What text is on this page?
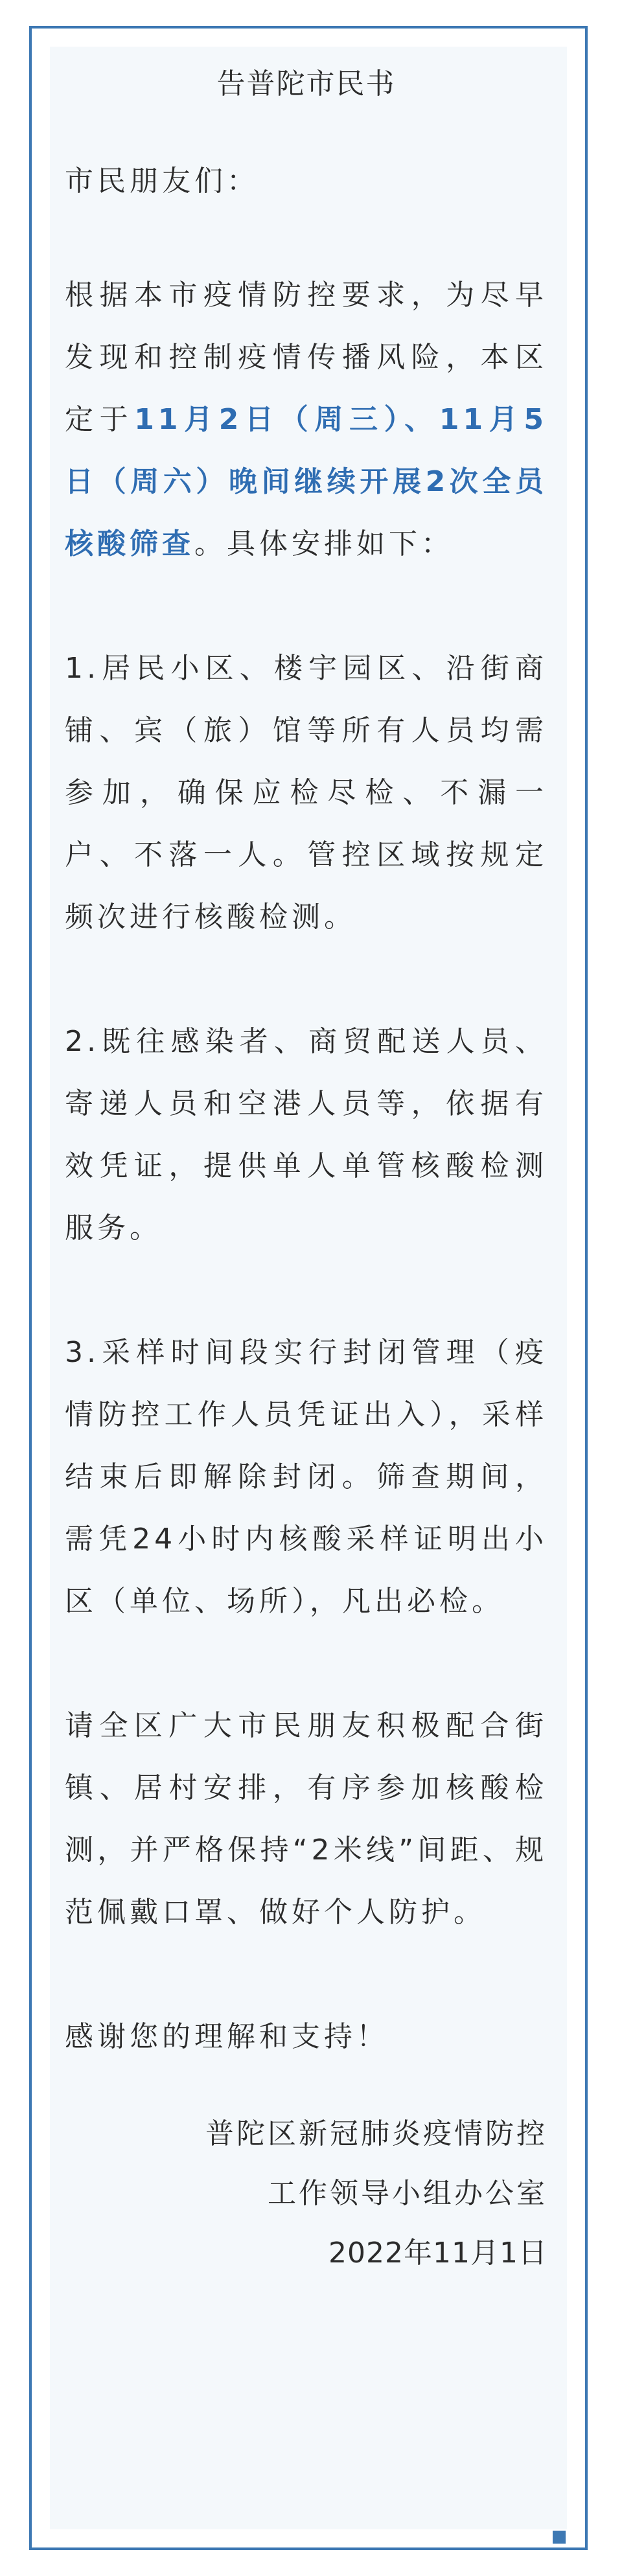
告普陀市民书

市民朋友们：

根据本市疫情防控要求，为尽早发现和控制疫情传播风险，本区定于11月2日（周三）、11月5日（周六）晚间继续开展2次全员核酸筛查。具体安排如下：

1.居民小区、楼宇园区、沿街商铺、宾（旅）馆等所有人员均需参加，确保应检尽检、不漏一户、不落一人。管控区域按规定频次进行核酸检测。

2.既往感染者、商贸配送人员、寄递人员和空港人员等，依据有效凭证，提供单人单管核酸检测服务。

3.采样时间段实行封闭管理（疫情防控工作人员凭证出入），采样结束后即解除封闭。筛查期间，需凭24小时内核酸采样证明出小区（单位、场所），凡出必检。

请全区广大市民朋友积极配合街镇、居村安排，有序参加核酸检测，并严格保持“2米线”间距、规范佩戴口罩、做好个人防护。

感谢您的理解和支持！

普陀区新冠肺炎疫情防控
工作领导小组办公室
2022年11月1日
